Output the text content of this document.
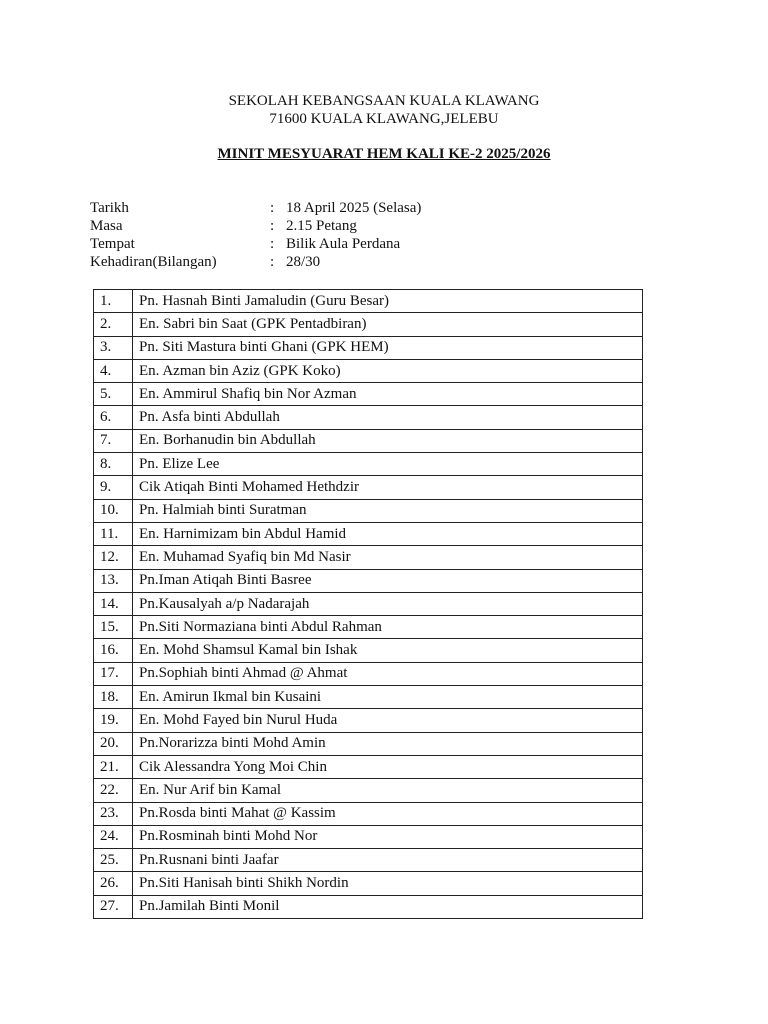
SEKOLAH KEBANGSAAN KUALA KLAWANG
71600 KUALA KLAWANG,JELEBU
MINIT MESYUARAT HEM KALI KE-2 2025/2026
Tarikh	: 18 April 2025 (Selasa)
Masa	: 2.15 Petang
Tempat	: Bilik Aula Perdana
Kehadiran(Bilangan)	: 28/30
1.	Pn. Hasnah Binti Jamaludin (Guru Besar)
2.	En. Sabri bin Saat (GPK Pentadbiran)
3.	Pn. Siti Mastura binti Ghani (GPK HEM)
4.	En. Azman bin Aziz (GPK Koko)
5.	En. Ammirul Shafiq bin Nor Azman
6.	Pn. Asfa binti Abdullah
7.	En. Borhanudin bin Abdullah
8.	Pn. Elize Lee
9.	Cik Atiqah Binti Mohamed Hethdzir
10.	Pn. Halmiah binti Suratman
11.	En. Harnimizam bin Abdul Hamid
12.	En. Muhamad Syafiq bin Md Nasir
13.	Pn.Iman Atiqah Binti Basree
14.	Pn.Kausalyah a/p Nadarajah
15.	Pn.Siti Normaziana binti Abdul Rahman
16.	En. Mohd Shamsul Kamal bin Ishak
17.	Pn.Sophiah binti Ahmad @ Ahmat
18.	En. Amirun Ikmal bin Kusaini
19.	En. Mohd Fayed bin Nurul Huda
20.	Pn.Norarizza binti Mohd Amin
21.	Cik Alessandra Yong Moi Chin
22.	En. Nur Arif bin Kamal
23.	Pn.Rosda binti Mahat @ Kassim
24.	Pn.Rosminah binti Mohd Nor
25.	Pn.Rusnani binti Jaafar
26.	Pn.Siti Hanisah binti Shikh Nordin
27.	Pn.Jamilah Binti Monil
